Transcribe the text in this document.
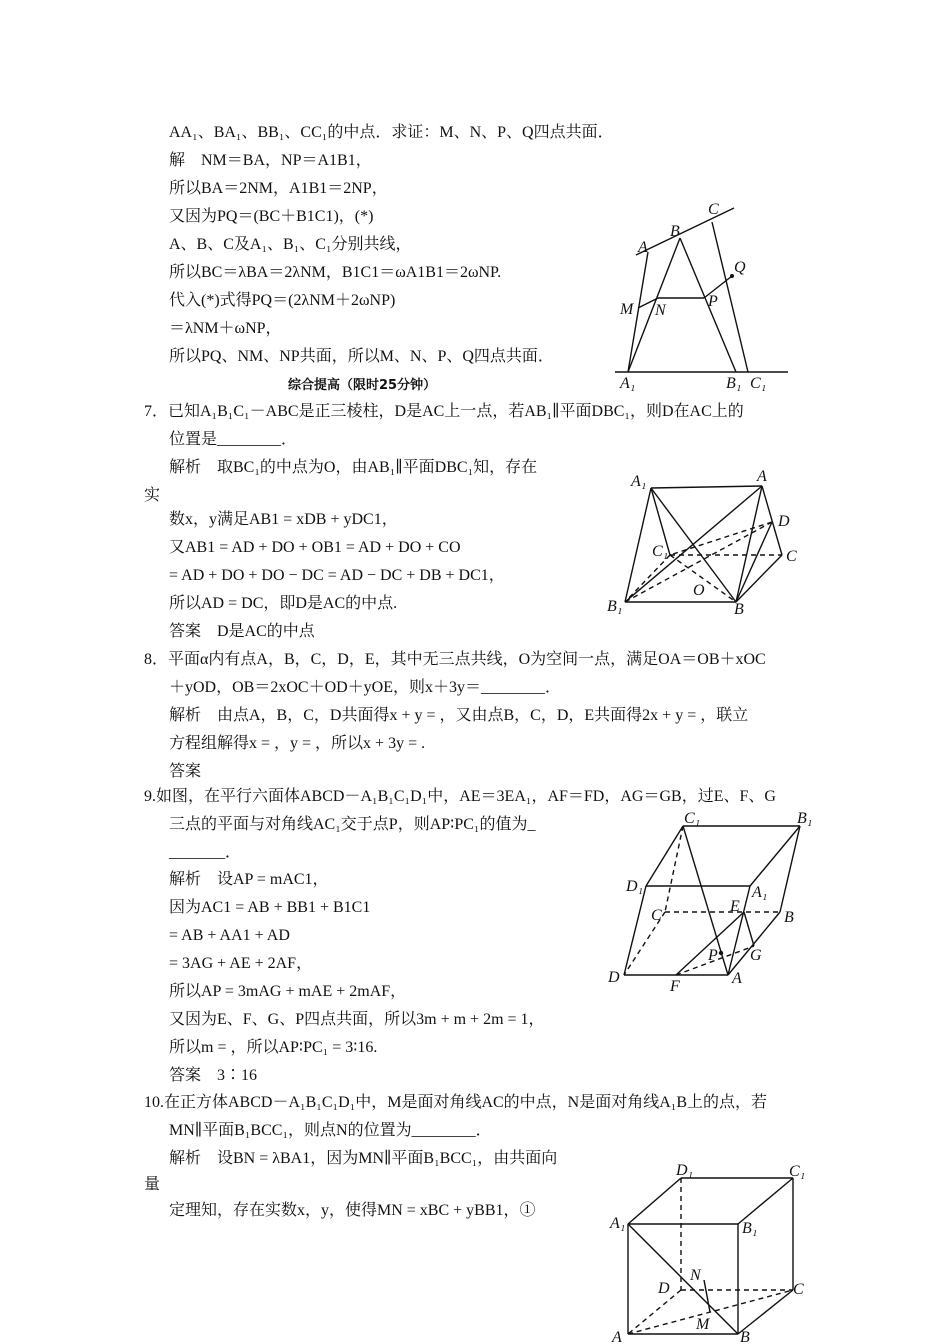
AA₁、BA₁、BB₁、CC₁的中点．求证：M、N、P、Q四点共面．
解　NM＝BA，NP＝A1B1，
所以BA＝2NM，A1B1＝2NP，
又因为PQ＝(BC＋B1C1)，(*)
A、B、C及A₁、B₁、C₁分别共线，
所以BC＝λBA＝2λNM，B1C1＝ωA1B1＝2ωNP.
代入(*)式得PQ＝(2λNM＋2ωNP)
＝λNM＋ωNP，
所以PQ、NM、NP共面，所以M、N、P、Q四点共面．
综合提高（限时25分钟）
7．已知A₁B₁C₁－ABC是正三棱柱，D是AC上一点，若AB₁∥平面DBC₁，则D在AC上的
位置是________．
解析　取BC₁的中点为O，由AB₁∥平面DBC₁知，存在
实
数x，y满足AB1 = xDB + yDC1，
又AB1 = AD + DO + OB1 = AD + DO + CO
= AD + DO + DO − DC = AD − DC + DB + DC1，
所以AD = DC，即D是AC的中点.
答案　D是AC的中点
8．平面α内有点A，B，C，D，E，其中无三点共线，O为空间一点，满足OA＝OB＋xOC
＋yOD，OB＝2xOC＋OD＋yOE，则x＋3y＝________．
解析　由点A，B，C，D共面得x + y = ，又由点B，C，D，E共面得2x + y = ，联立
方程组解得x = ，y = ，所以x + 3y = .
答案
9.如图，在平行六面体ABCD－A₁B₁C₁D₁中，AE＝3EA₁，AF＝FD，AG＝GB，过E、F、G
三点的平面与对角线AC₁交于点P，则AP∶PC₁的值为_
_______．
解析　设AP = mAC1，
因为AC1 = AB + BB1 + B1C1
= AB + AA1 + AD
= 3AG + AE + 2AF，
所以AP = 3mAG + mAE + 2mAF，
又因为E、F、G、P四点共面，所以3m + m + 2m = 1，
所以m = ，所以AP∶PC₁ = 3∶16.
答案　3∶16
10.在正方体ABCD－A₁B₁C₁D₁中，M是面对角线AC的中点，N是面对角线A₁B上的点，若
MN∥平面B₁BCC₁，则点N的位置为________．
解析　设BN = λBA1，因为MN∥平面B₁BCC₁，由共面向
量
定理知，存在实数x，y，使得MN = xBC + yBB1，①
A
B
C
Q
M N
P
A₁	B₁ C₁
A₁	A
D
C₁	C
O
B₁	B
C₁	B₁
D₁	A₁
E
C	B
P G
D
F	A
D₁	C₁
A₁	B₁
D
N
C
A
M
B
